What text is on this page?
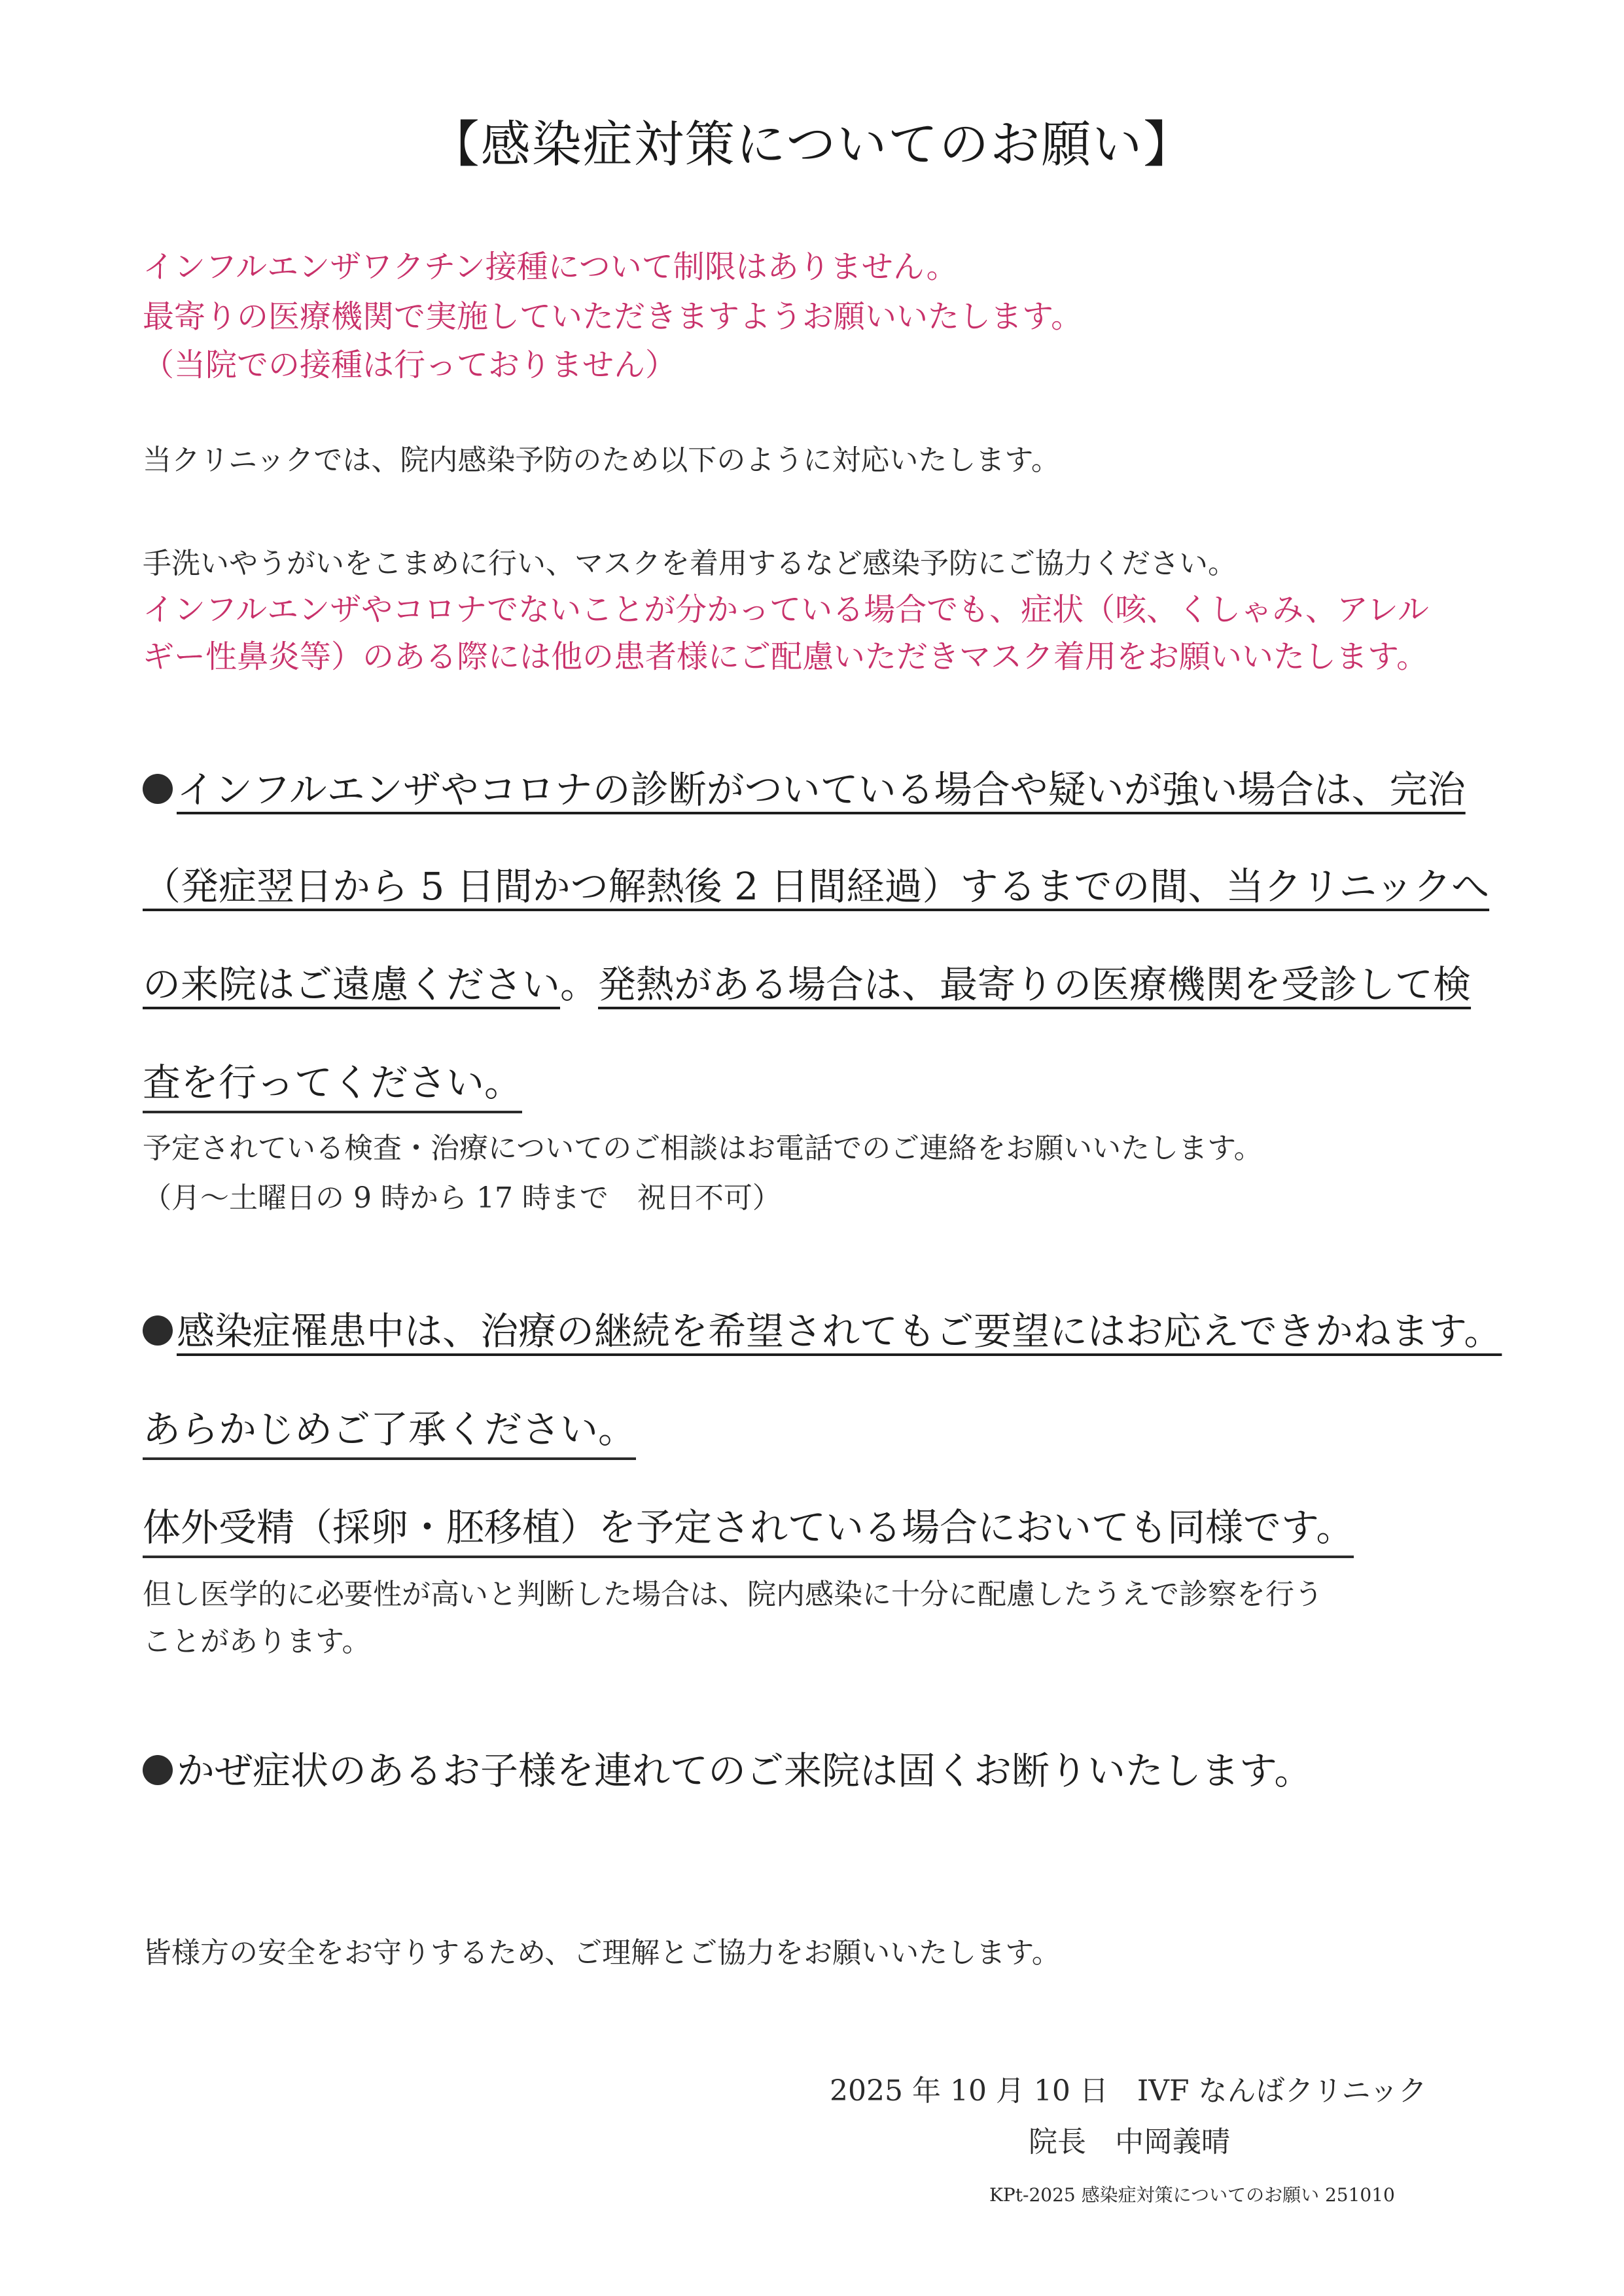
【感染症対策についてのお願い】
インフルエンザワクチン接種について制限はありません。
最寄りの医療機関で実施していただきますようお願いいたします。
（当院での接種は行っておりません）
当クリニックでは、院内感染予防のため以下のように対応いたします。
手洗いやうがいをこまめに行い、マスクを着用するなど感染予防にご協力ください。
インフルエンザやコロナでないことが分かっている場合でも、症状（咳、くしゃみ、アレル
ギー性鼻炎等）のある際には他の患者様にご配慮いただきマスク着用をお願いいたします。
インフルエンザやコロナの診断がついている場合や疑いが強い場合は、完治
（発症翌日から 5 日間かつ解熱後 2 日間経過）するまでの間、当クリニックへ
の来院はご遠慮ください。発熱がある場合は、最寄りの医療機関を受診して検
査を行ってください。
予定されている検査・治療についてのご相談はお電話でのご連絡をお願いいたします。
（月～土曜日の 9 時から 17 時まで　祝日不可）
感染症罹患中は、治療の継続を希望されてもご要望にはお応えできかねます。
あらかじめご了承ください。
体外受精（採卵・胚移植）を予定されている場合においても同様です。
但し医学的に必要性が高いと判断した場合は、院内感染に十分に配慮したうえで診察を行う
ことがあります。
かぜ症状のあるお子様を連れてのご来院は固くお断りいたします。
皆様方の安全をお守りするため、ご理解とご協力をお願いいたします。
2025 年 10 月 10 日　IVF なんばクリニック
院長　中岡義晴
KPt-2025 感染症対策についてのお願い 251010
